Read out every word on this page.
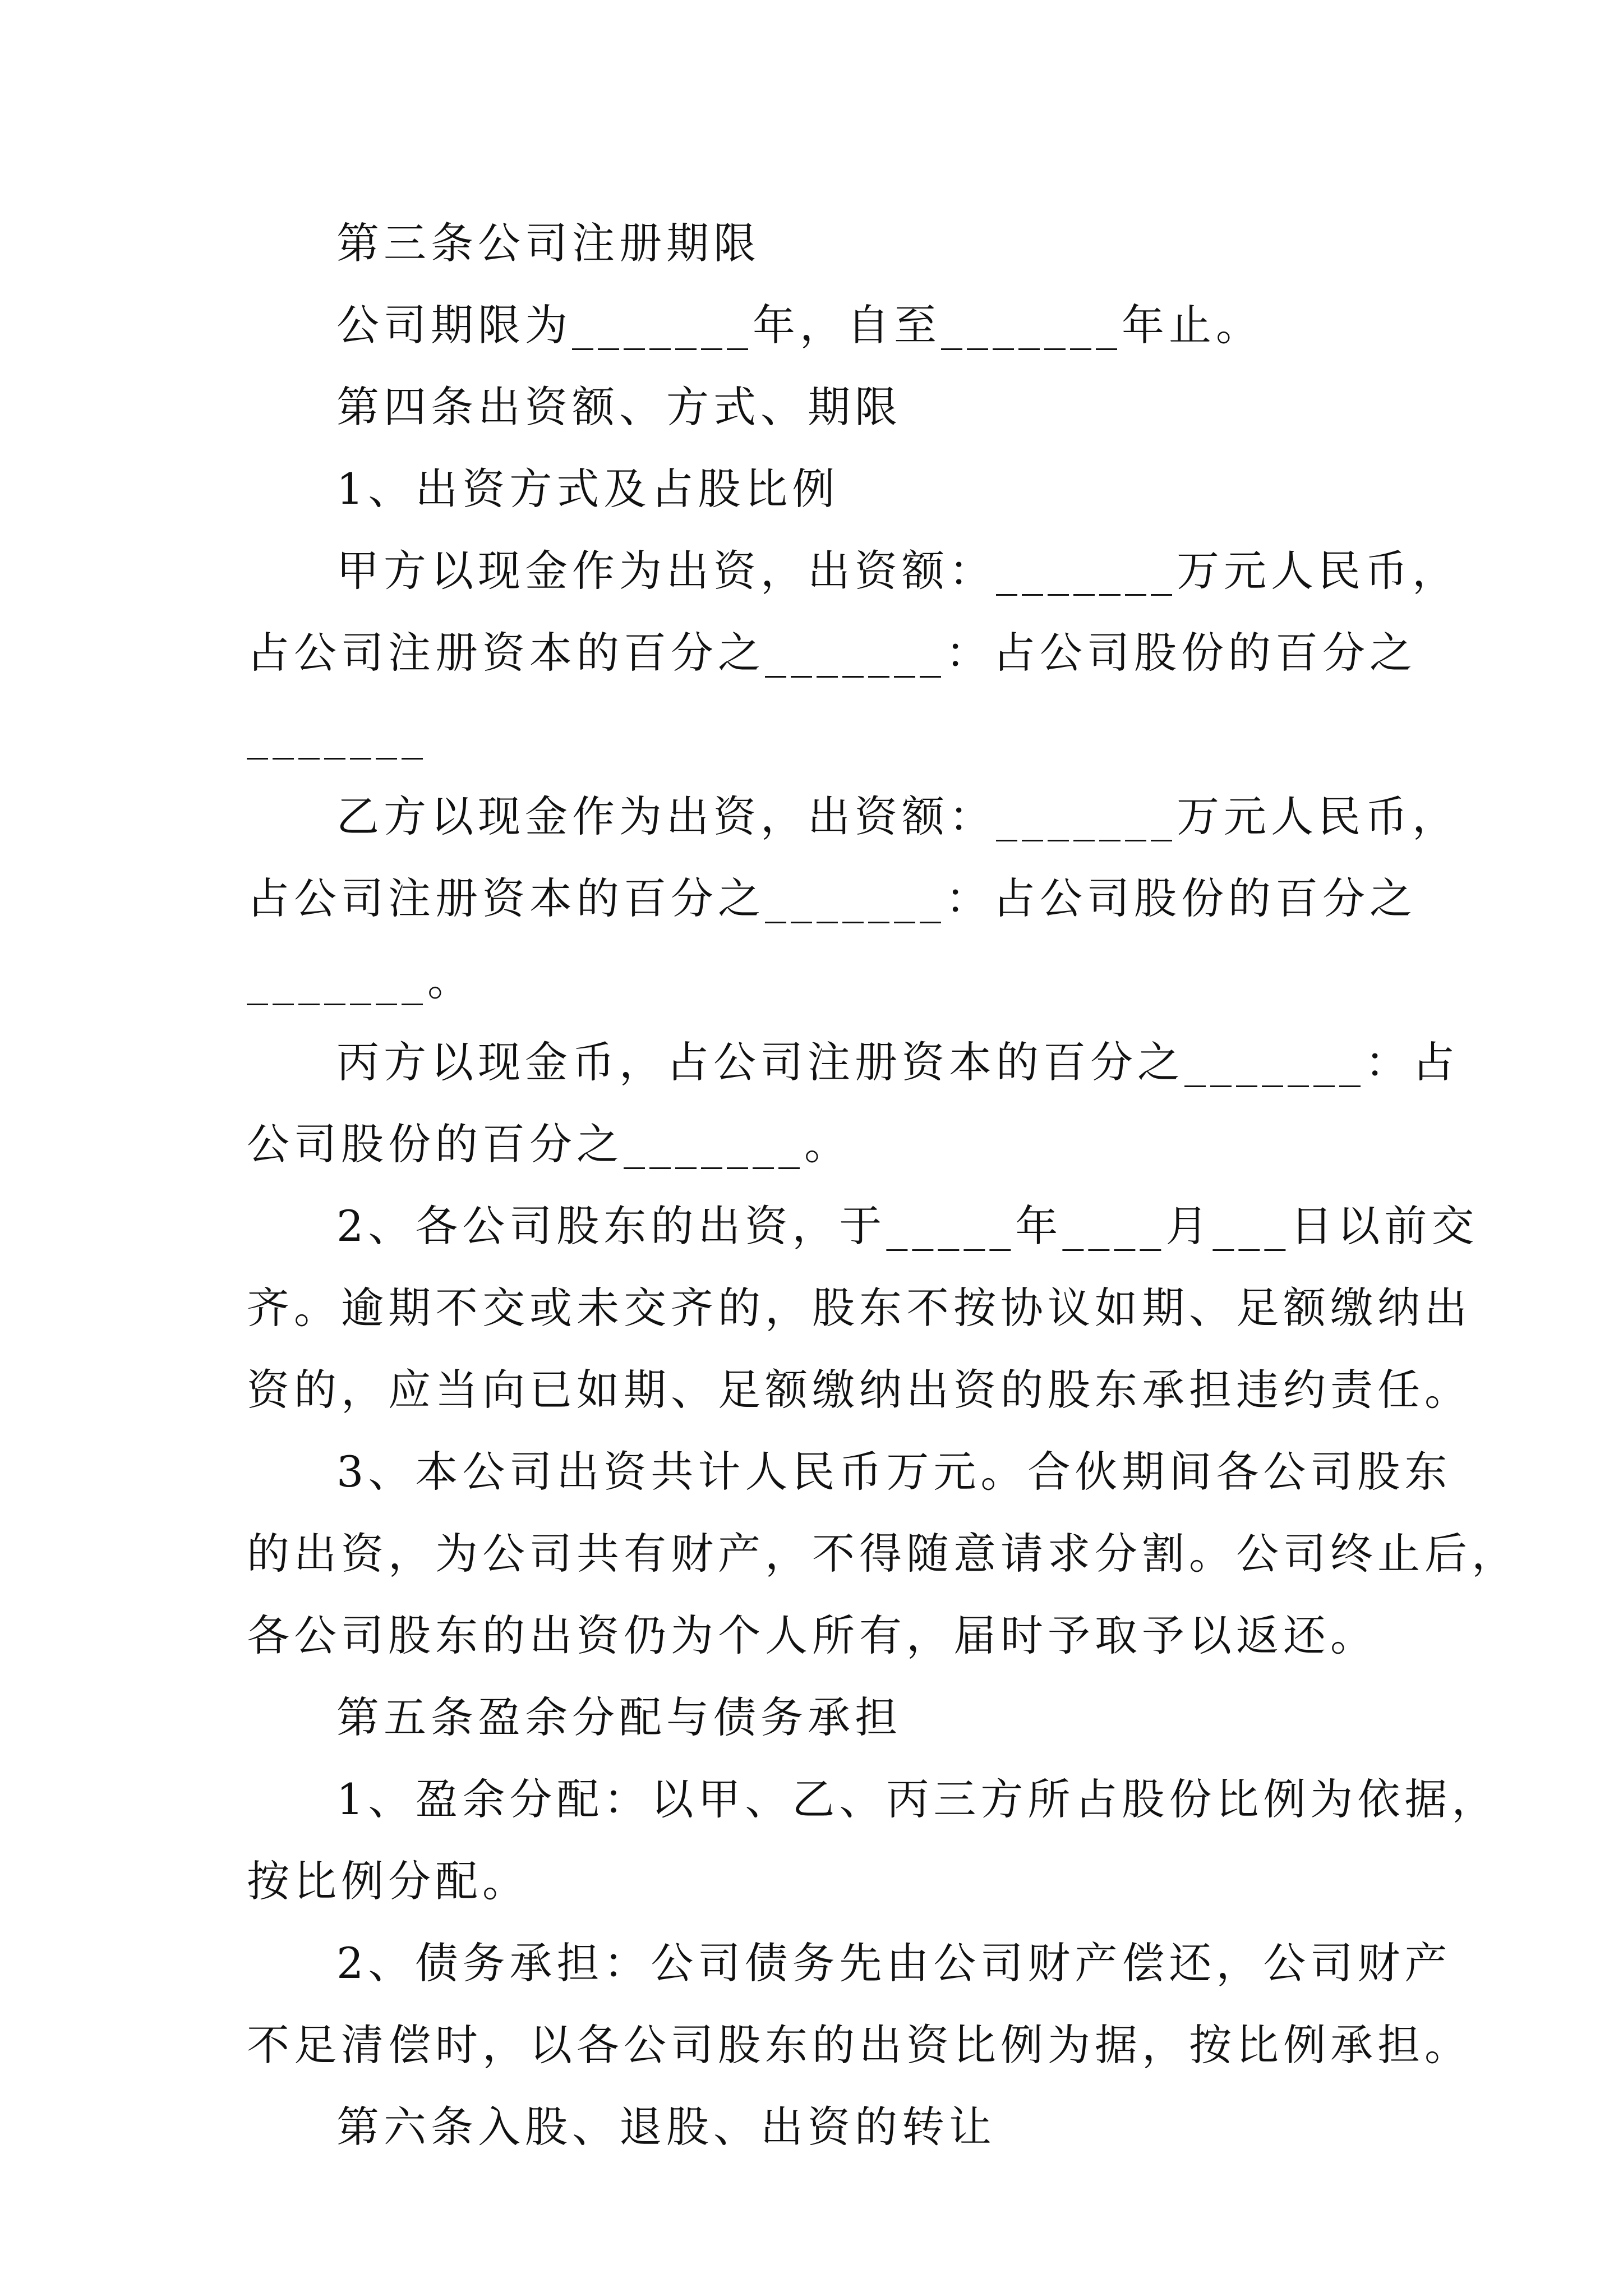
第三条公司注册期限
公司期限为_______年，自至_______年止。
第四条出资额、方式、期限
1、出资方式及占股比例
甲方以现金作为出资，出资额：_______万元人民币，
占公司注册资本的百分之_______：占公司股份的百分之
_______
乙方以现金作为出资，出资额：_______万元人民币，
占公司注册资本的百分之_______：占公司股份的百分之
_______。
丙方以现金币，占公司注册资本的百分之_______：占
公司股份的百分之_______。
2、各公司股东的出资，于_____年____月___日以前交
齐。逾期不交或未交齐的，股东不按协议如期、足额缴纳出
资的，应当向已如期、足额缴纳出资的股东承担违约责任。
3、本公司出资共计人民币万元。合伙期间各公司股东
的出资，为公司共有财产，不得随意请求分割。公司终止后，
各公司股东的出资仍为个人所有，届时予取予以返还。
第五条盈余分配与债务承担
1、盈余分配：以甲、乙、丙三方所占股份比例为依据，
按比例分配。
2、债务承担：公司债务先由公司财产偿还，公司财产
不足清偿时，以各公司股东的出资比例为据，按比例承担。
第六条入股、退股、出资的转让
